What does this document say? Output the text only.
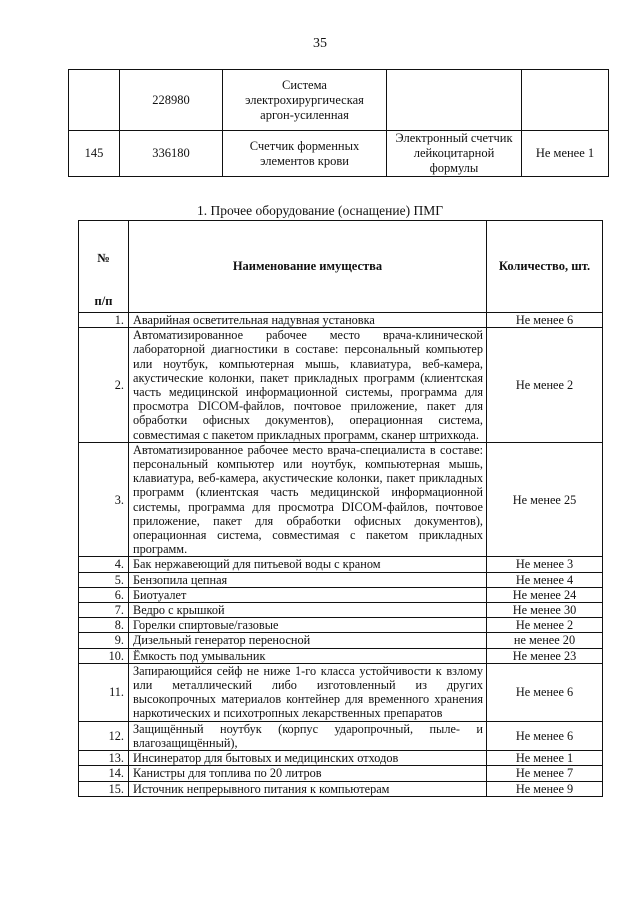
35
	228980	Система электрохирургическая аргон-усиленная		
145	336180	Счетчик форменных элементов крови	Электронный счетчик лейкоцитарной формулы	Не менее 1
1. Прочее оборудование (оснащение) ПМГ
№
п/п	Наименование имущества	Количество, шт.
1.	Аварийная осветительная надувная установка	Не менее 6
2.	Автоматизированное рабочее место врача-клинической лабораторной диагностики в составе: персональный компьютер или ноутбук, компьютерная мышь, клавиатура, веб-камера, акустические колонки, пакет прикладных программ (клиентская часть медицинской информационной системы, программа для просмотра DICOM-файлов, почтовое приложение, пакет для обработки офисных документов), операционная система, совместимая с пакетом прикладных программ, сканер штрихкода.	Не менее 2
3.	Автоматизированное рабочее место врача-специалиста в составе: персональный компьютер или ноутбук, компьютерная мышь, клавиатура, веб-камера, акустические колонки, пакет прикладных программ (клиентская часть медицинской информационной системы, программа для просмотра DICOM-файлов, почтовое приложение, пакет для обработки офисных документов), операционная система, совместимая с пакетом прикладных программ.	Не менее 25
4.	Бак нержавеющий для питьевой воды с краном	Не менее 3
5.	Бензопила цепная	Не менее 4
6.	Биотуалет	Не менее 24
7.	Ведро с крышкой	Не менее 30
8.	Горелки спиртовые/газовые	Не менее 2
9.	Дизельный генератор переносной	не менее 20
10.	Ёмкость под умывальник	Не менее 23
11.	Запирающийся сейф не ниже 1-го класса устойчивости к взлому или металлический либо изготовленный из других высокопрочных материалов контейнер для временного хранения наркотических и психотропных лекарственных препаратов	Не менее 6
12.	Защищённый ноутбук (корпус ударопрочный, пыле- и влагозащищённый),	Не менее 6
13.	Инсинератор для бытовых и медицинских отходов	Не менее 1
14.	Канистры для топлива по 20 литров	Не менее 7
15.	Источник непрерывного питания к компьютерам	Не менее 9
